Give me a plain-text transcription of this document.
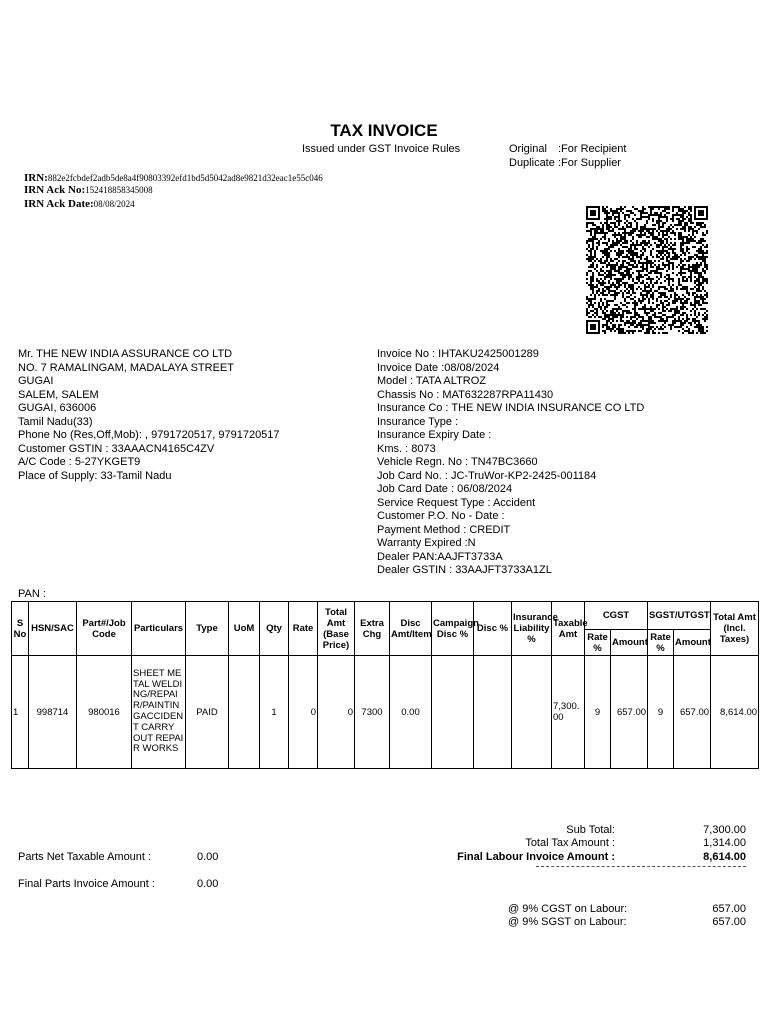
TAX INVOICE
Issued under GST Invoice Rules	Original :For Recipient
Duplicate :For Supplier
IRN:882e2fcbdef2adb5de8a4f90803392efd1bd5d5042ad8e9821d32eac1e55c046
IRN Ack No:152418858345008
IRN Ack Date:08/08/2024
Mr. THE NEW INDIA ASSURANCE CO LTD
NO. 7 RAMALINGAM, MADALAYA STREET
GUGAI
SALEM, SALEM
GUGAI, 636006
Tamil Nadu(33)
Phone No (Res,Off,Mob): , 9791720517, 9791720517
Customer GSTIN : 33AAACN4165C4ZV
A/C Code : 5-27YKGET9
Place of Supply: 33-Tamil Nadu
Invoice No : IHTAKU2425001289
Invoice Date :08/08/2024
Model : TATA ALTROZ
Chassis No : MAT632287RPA11430
Insurance Co : THE NEW INDIA INSURANCE CO LTD
Insurance Type :
Insurance Expiry Date :
Kms. : 8073
Vehicle Regn. No : TN47BC3660
Job Card No. : JC-TruWor-KP2-2425-001184
Job Card Date : 06/08/2024
Service Request Type : Accident
Customer P.O. No - Date :
Payment Method : CREDIT
Warranty Expired :N
Dealer PAN:AAJFT3733A
Dealer GSTIN : 33AAJFT3733A1ZL
PAN :
S
No	HSN/SAC	Part#/Job Code	Particulars	Type	UoM	Qty	Rate	Total Amt (Base Price)	Extra Chg	Disc Amt/Item	Campaign Disc %	Disc %	Insurance Liability %	Taxable Amt	CGST		SGST/UTGST		Total Amt (Incl. Taxes)
															Rate %	Amount	Rate %	Amount	
1	998714	980016	SHEET METAL WELDING/REPAIR/PAINTINGACCIDENT CARRY OUT REPAIR WORKS	PAID		1	0	0	7300	0.00				7,300.00	9	657.00	9	657.00	8,614.00
Sub Total:	7,300.00
Total Tax Amount :	1,314.00
Final Labour Invoice Amount :	8,614.00
Parts Net Taxable Amount :	0.00
Final Parts Invoice Amount :	0.00
@ 9% CGST on Labour:	657.00
@ 9% SGST on Labour:	657.00
